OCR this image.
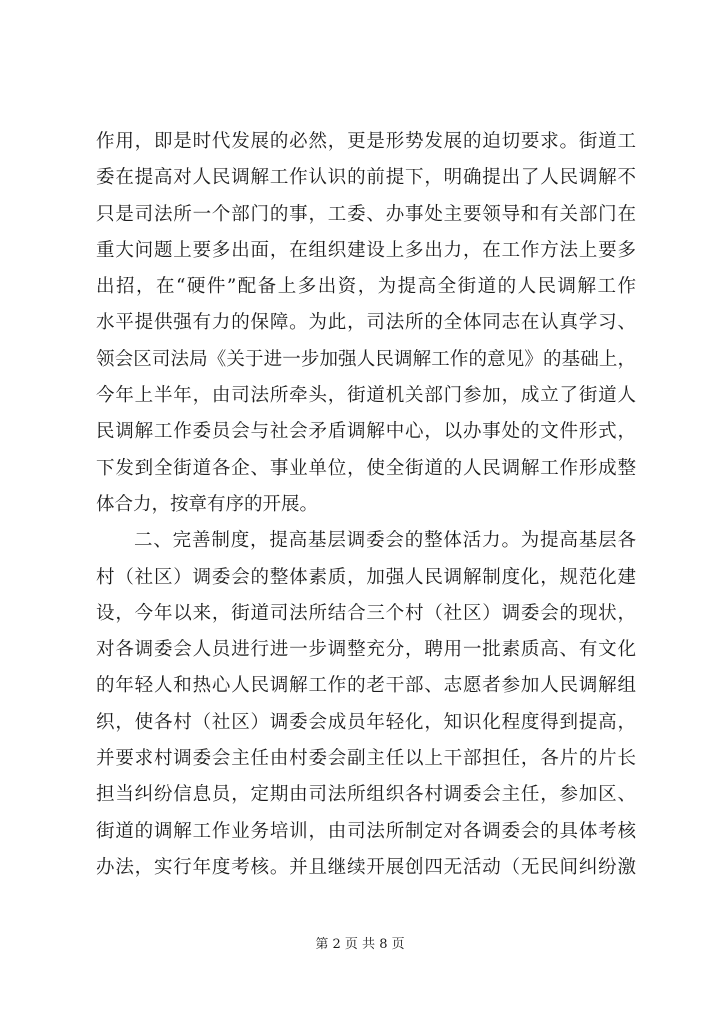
作用，即是时代发展的必然，更是形势发展的迫切要求。街道工
委在提高对人民调解工作认识的前提下，明确提出了人民调解不
只是司法所一个部门的事，工委、办事处主要领导和有关部门在
重大问题上要多出面，在组织建设上多出力，在工作方法上要多
出招，在“硬件”配备上多出资，为提高全街道的人民调解工作
水平提供强有力的保障。为此，司法所的全体同志在认真学习、
领会区司法局《关于进一步加强人民调解工作的意见》的基础上，
今年上半年，由司法所牵头，街道机关部门参加，成立了街道人
民调解工作委员会与社会矛盾调解中心，以办事处的文件形式，
下发到全街道各企、事业单位，使全街道的人民调解工作形成整
体合力，按章有序的开展。
二、完善制度，提高基层调委会的整体活力。为提高基层各
村（社区）调委会的整体素质，加强人民调解制度化，规范化建
设，今年以来，街道司法所结合三个村（社区）调委会的现状，
对各调委会人员进行进一步调整充分，聘用一批素质高、有文化
的年轻人和热心人民调解工作的老干部、志愿者参加人民调解组
织，使各村（社区）调委会成员年轻化，知识化程度得到提高，
并要求村调委会主任由村委会副主任以上干部担任，各片的片长
担当纠纷信息员，定期由司法所组织各村调委会主任，参加区、
街道的调解工作业务培训，由司法所制定对各调委会的具体考核
办法，实行年度考核。并且继续开展创四无活动（无民间纠纷激
第 2 页 共 8 页
